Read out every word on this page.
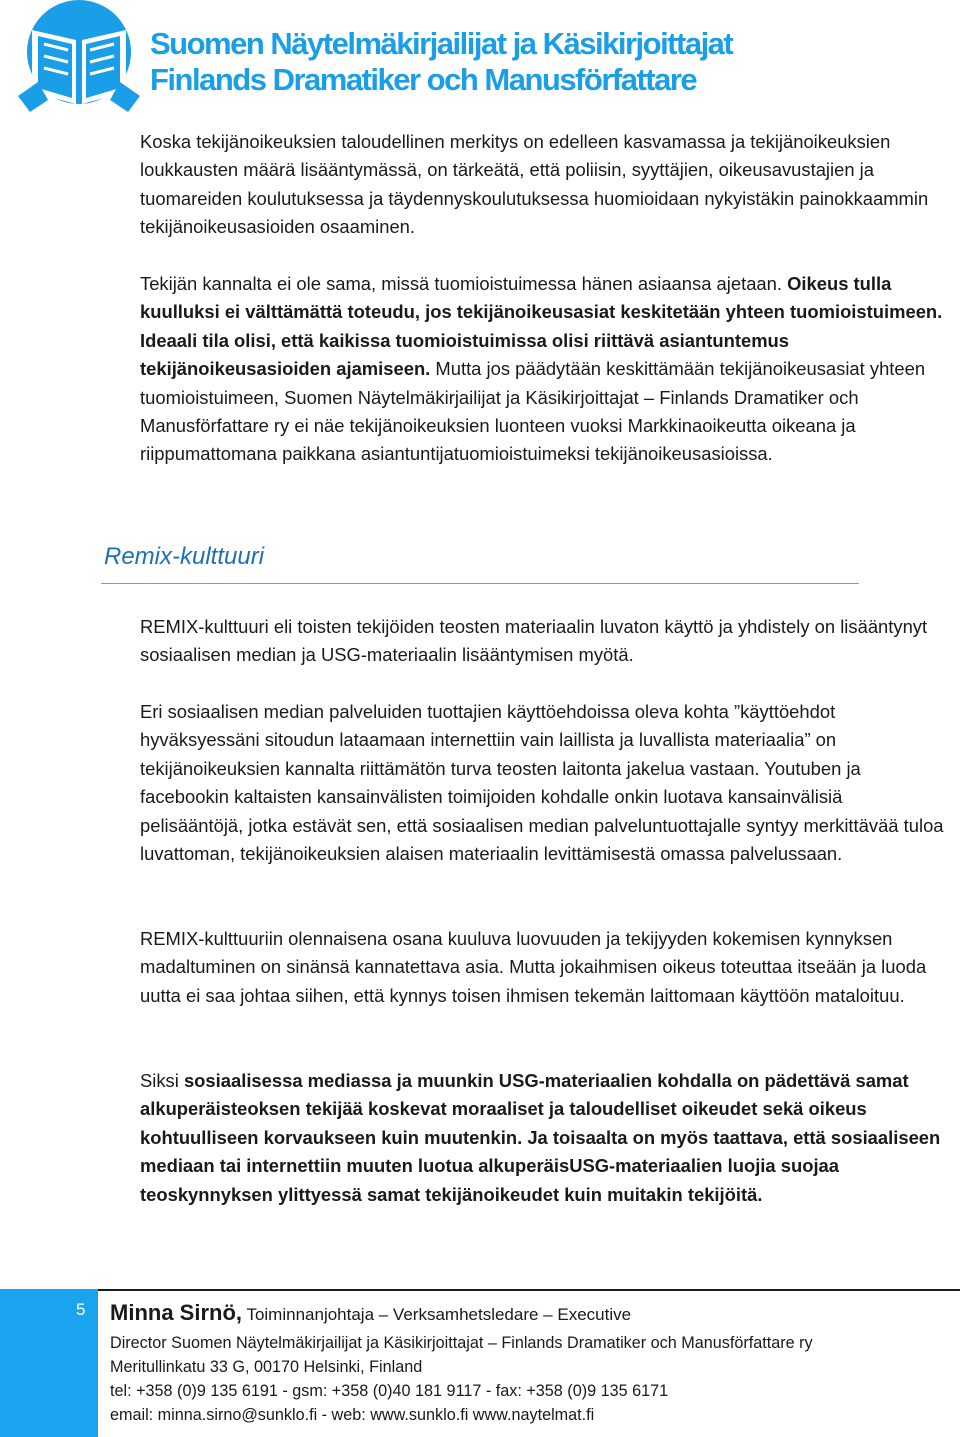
Suomen Näytelmäkirjailijat ja Käsikirjoittajat
Finlands Dramatiker och Manusförfattare

Koska tekijänoikeuksien taloudellinen merkitys on edelleen kasvamassa ja tekijänoikeuksien loukkausten määrä lisääntymässä, on tärkeätä, että poliisin, syyttäjien, oikeusavustajien ja tuomareiden koulutuksessa ja täydennyskoulutuksessa huomioidaan nykyistäkin painokkaammin tekijänoikeusasioiden osaaminen.

Tekijän kannalta ei ole sama, missä tuomioistuimessa hänen asiaansa ajetaan. Oikeus tulla kuulluksi ei välttämättä toteudu, jos tekijänoikeusasiat keskitetään yhteen tuomioistuimeen. Ideaali tila olisi, että kaikissa tuomioistuimissa olisi riittävä asiantuntemus tekijänoikeusasioiden ajamiseen. Mutta jos päädytään keskittämään tekijänoikeusasiat yhteen tuomioistuimeen, Suomen Näytelmäkirjailijat ja Käsikirjoittajat – Finlands Dramatiker och Manusförfattare ry ei näe tekijänoikeuksien luonteen vuoksi Markkinaoikeutta oikeana ja riippumattomana paikkana asiantuntijatuomioistuimeksi tekijänoikeusasioissa.

Remix-kulttuuri

REMIX-kulttuuri eli toisten tekijöiden teosten materiaalin luvaton käyttö ja yhdistely on lisääntynyt sosiaalisen median ja USG-materiaalin lisääntymisen myötä.

Eri sosiaalisen median palveluiden tuottajien käyttöehdoissa oleva kohta ”käyttöehdot hyväksyessäni sitoudun lataamaan internettiin vain laillista ja luvallista materiaalia” on tekijänoikeuksien kannalta riittämätön turva teosten laitonta jakelua vastaan. Youtuben ja facebookin kaltaisten kansainvälisten toimijoiden kohdalle onkin luotava kansainvälisiä pelisääntöjä, jotka estävät sen, että sosiaalisen median palveluntuottajalle syntyy merkittävää tuloa luvattoman, tekijänoikeuksien alaisen materiaalin levittämisestä omassa palvelussaan.

REMIX-kulttuuriin olennaisena osana kuuluva luovuuden ja tekijyyden kokemisen kynnyksen madaltuminen on sinänsä kannatettava asia. Mutta jokaihmisen oikeus toteuttaa itseään ja luoda uutta ei saa johtaa siihen, että kynnys toisen ihmisen tekemän laittomaan käyttöön mataloituu.

Siksi sosiaalisessa mediassa ja muunkin USG-materiaalien kohdalla on pädettävä samat alkuperäisteoksen tekijää koskevat moraaliset ja taloudelliset oikeudet sekä oikeus kohtuulliseen korvaukseen kuin muutenkin. Ja toisaalta on myös taattava, että sosiaaliseen mediaan tai internettiin muuten luotua alkuperäisUSG-materiaalien luojia suojaa teoskynnyksen ylittyessä samat tekijänoikeudet kuin muitakin tekijöitä.

5 Minna Sirnö, Toiminnanjohtaja – Verksamhetsledare – Executive
Director Suomen Näytelmäkirjailijat ja Käsikirjoittajat – Finlands Dramatiker och Manusförfattare ry
Meritullinkatu 33 G, 00170 Helsinki, Finland
tel: +358 (0)9 135 6191 - gsm: +358 (0)40 181 9117 - fax: +358 (0)9 135 6171
email: minna.sirno@sunklo.fi - web: www.sunklo.fi www.naytelmat.fi
